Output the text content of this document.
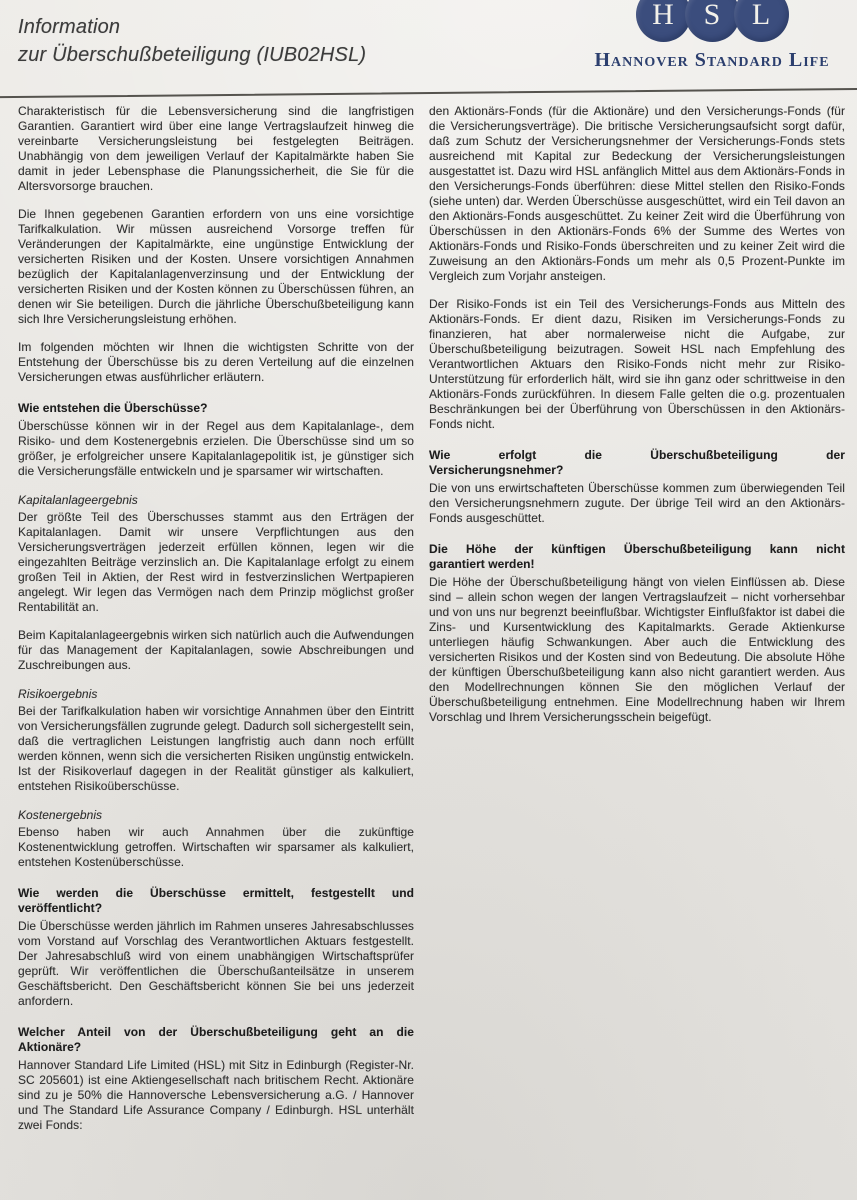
Information
zur Überschußbeteiligung (IUB02HSL)
H S	L
Hannover Standard Life

Charakteristisch für die Lebensversicherung sind die langfristigen Garantien. Garantiert wird über eine lange Vertragslaufzeit hinweg die vereinbarte Versicherungsleistung bei festgelegten Beiträgen. Unabhängig von dem jeweiligen Verlauf der Kapitalmärkte haben Sie damit in jeder Lebensphase die Planungssicherheit, die Sie für die Altersvorsorge brauchen.

Die Ihnen gegebenen Garantien erfordern von uns eine vorsichtige Tarifkalkulation. Wir müssen ausreichend Vorsorge treffen für Veränderungen der Kapitalmärkte, eine ungünstige Entwicklung der versicherten Risiken und der Kosten. Unsere vorsichtigen Annahmen bezüglich der Kapitalanlagenverzinsung und der Entwicklung der versicherten Risiken und der Kosten können zu Überschüssen führen, an denen wir Sie beteiligen. Durch die jährliche Überschußbeteiligung kann sich Ihre Versicherungsleistung erhöhen.

Im folgenden möchten wir Ihnen die wichtigsten Schritte von der Entstehung der Überschüsse bis zu deren Verteilung auf die einzelnen Versicherungen etwas ausführlicher erläutern.

Wie entstehen die Überschüsse?

Überschüsse können wir in der Regel aus dem Kapitalanlage-, dem Risiko- und dem Kostenergebnis erzielen. Die Überschüsse sind um so größer, je erfolgreicher unsere Kapitalanlagepolitik ist, je günstiger sich die Versicherungsfälle entwickeln und je sparsamer wir wirtschaften.

Kapitalanlageergebnis

Der größte Teil des Überschusses stammt aus den Erträgen der Kapitalanlagen. Damit wir unsere Verpflichtungen aus den Versicherungsverträgen jederzeit erfüllen können, legen wir die eingezahlten Beiträge verzinslich an. Die Kapitalanlage erfolgt zu einem großen Teil in Aktien, der Rest wird in festverzinslichen Wertpapieren angelegt. Wir legen das Vermögen nach dem Prinzip möglichst großer Rentabilität an.

Beim Kapitalanlageergebnis wirken sich natürlich auch die Aufwendungen für das Management der Kapitalanlagen, sowie Abschreibungen und Zuschreibungen aus.

Risikoergebnis

Bei der Tarifkalkulation haben wir vorsichtige Annahmen über den Eintritt von Versicherungsfällen zugrunde gelegt. Dadurch soll sichergestellt sein, daß die vertraglichen Leistungen langfristig auch dann noch erfüllt werden können, wenn sich die versicherten Risiken ungünstig entwickeln. Ist der Risikoverlauf dagegen in der Realität günstiger als kalkuliert, entstehen Risikoüberschüsse.

Kostenergebnis

Ebenso haben wir auch Annahmen über die zukünftige Kostenentwicklung getroffen. Wirtschaften wir sparsamer als kalkuliert, entstehen Kostenüberschüsse.

Wie werden die Überschüsse ermittelt, festgestellt und
veröffentlicht?

Die Überschüsse werden jährlich im Rahmen unseres Jahresabschlusses vom Vorstand auf Vorschlag des Verantwortlichen Aktuars festgestellt. Der Jahresabschluß wird von einem unabhängigen Wirtschaftsprüfer geprüft. Wir veröffentlichen die Überschußanteilsätze in unserem Geschäftsbericht. Den Geschäftsbericht können Sie bei uns jederzeit anfordern.

Welcher Anteil von der Überschußbeteiligung geht an die
Aktionäre?

Hannover Standard Life Limited (HSL) mit Sitz in Edinburgh (Register-Nr. SC 205601) ist eine Aktiengesellschaft nach britischem Recht. Aktionäre sind zu je 50% die Hannoversche Lebensversicherung a.G. / Hannover und The Standard Life Assurance Company / Edinburgh. HSL unterhält zwei Fonds:

den Aktionärs-Fonds (für die Aktionäre) und den Versicherungs-Fonds (für die Versicherungsverträge). Die britische Versicherungsaufsicht sorgt dafür, daß zum Schutz der Versicherungsnehmer der Versicherungs-Fonds stets ausreichend mit Kapital zur Bedeckung der Versicherungsleistungen ausgestattet ist. Dazu wird HSL anfänglich Mittel aus dem Aktionärs-Fonds in den Versicherungs-Fonds überführen: diese Mittel stellen den Risiko-Fonds (siehe unten) dar. Werden Überschüsse ausgeschüttet, wird ein Teil davon an den Aktionärs-Fonds ausgeschüttet. Zu keiner Zeit wird die Überführung von Überschüssen in den Aktionärs-Fonds 6% der Summe des Wertes von Aktionärs-Fonds und Risiko-Fonds überschreiten und zu keiner Zeit wird die Zuweisung an den Aktionärs-Fonds um mehr als 0,5 Prozent-Punkte im Vergleich zum Vorjahr ansteigen.

Der Risiko-Fonds ist ein Teil des Versicherungs-Fonds aus Mitteln des Aktionärs-Fonds. Er dient dazu, Risiken im Versicherungs-Fonds zu finanzieren, hat aber normalerweise nicht die Aufgabe, zur Überschußbeteiligung beizutragen. Soweit HSL nach Empfehlung des Verantwortlichen Aktuars den Risiko-Fonds nicht mehr zur Risiko-Unterstützung für erforderlich hält, wird sie ihn ganz oder schrittweise in den Aktionärs-Fonds zurückführen. In diesem Falle gelten die o.g. prozentualen Beschränkungen bei der Überführung von Überschüssen in den Aktionärs-Fonds nicht.

Wie erfolgt die Überschußbeteiligung der
Versicherungsnehmer?

Die von uns erwirtschafteten Überschüsse kommen zum überwiegenden Teil den Versicherungsnehmern zugute. Der übrige Teil wird an den Aktionärs-Fonds ausgeschüttet.

Die Höhe der künftigen Überschußbeteiligung kann nicht
garantiert werden!

Die Höhe der Überschußbeteiligung hängt von vielen Einflüssen ab. Diese sind – allein schon wegen der langen Vertragslaufzeit – nicht vorhersehbar und von uns nur begrenzt beeinflußbar. Wichtigster Einflußfaktor ist dabei die Zins- und Kursentwicklung des Kapitalmarkts. Gerade Aktienkurse unterliegen häufig Schwankungen. Aber auch die Entwicklung des versicherten Risikos und der Kosten sind von Bedeutung. Die absolute Höhe der künftigen Überschußbeteiligung kann also nicht garantiert werden. Aus den Modellrechnungen können Sie den möglichen Verlauf der Überschußbeteiligung entnehmen. Eine Modellrechnung haben wir Ihrem Vorschlag und Ihrem Versicherungsschein beigefügt.
